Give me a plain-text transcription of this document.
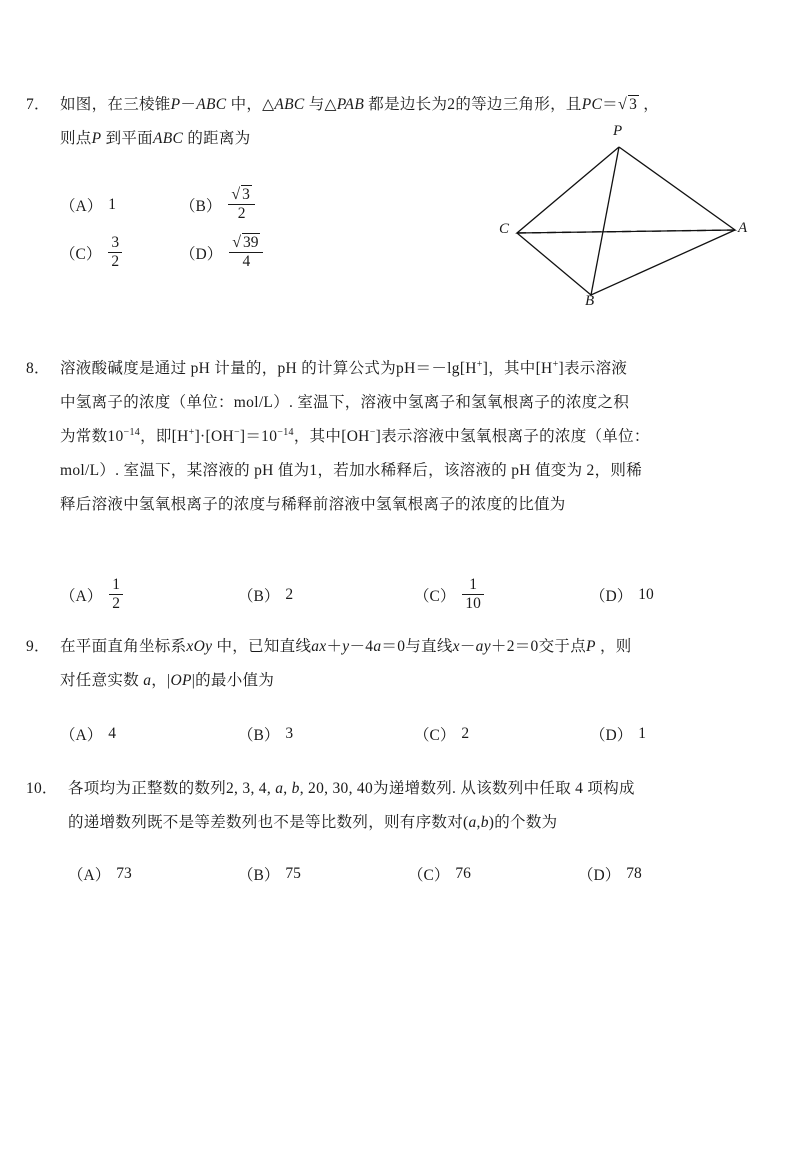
7． 如图，在三棱锥P－ABC 中，△ABC 与△PAB 都是边长为2的等边三角形，且PC＝√ 3 ，
则点P 到平面ABC 的距离为
（A） 1	$(B) \frac{√ 3}{2}$
$(C) \frac{3}{2}$	$(D) \frac{√ 39}{4}$
P
C	A
B
8． 溶液酸碱度是通过 pH 计量的，pH 的计算公式为pH＝－lg[H+]，其中[H+]表示溶液
中氢离子的浓度（单位：mol/L）. 室温下，溶液中氢离子和氢氧根离子的浓度之积
为常数$10^{-14}$，即$[H^+]\cdot[OH^-]=10^{-14}$，其中[OH−]表示溶液中氢氧根离子的浓度（单位：
mol/L）. 室温下，某溶液的 pH 值为1，若加水稀释后，该溶液的 pH 值变为 2，则稀
释后溶液中氢氧根离子的浓度与稀释前溶液中氢氧根离子的浓度的比值为
$(A) \frac{1}{2}$	（B） 2	$(C) \frac{1}{10}$	（D） 10
9． 在平面直角坐标系xOy 中，已知直线ax＋y－4a＝0与直线x－ay＋2＝0交于点P ，则
对任意实数 a，|OP|的最小值为
（A） 4	（B） 3	（C） 2	（D） 1
10． 各项均为正整数的数列2, 3, 4, a, b, 20, 30, 40为递增数列. 从该数列中任取 4 项构成
的递增数列既不是等差数列也不是等比数列，则有序数对(a,b)的个数为
（A） 73	（B） 75	（C） 76	（D） 78
